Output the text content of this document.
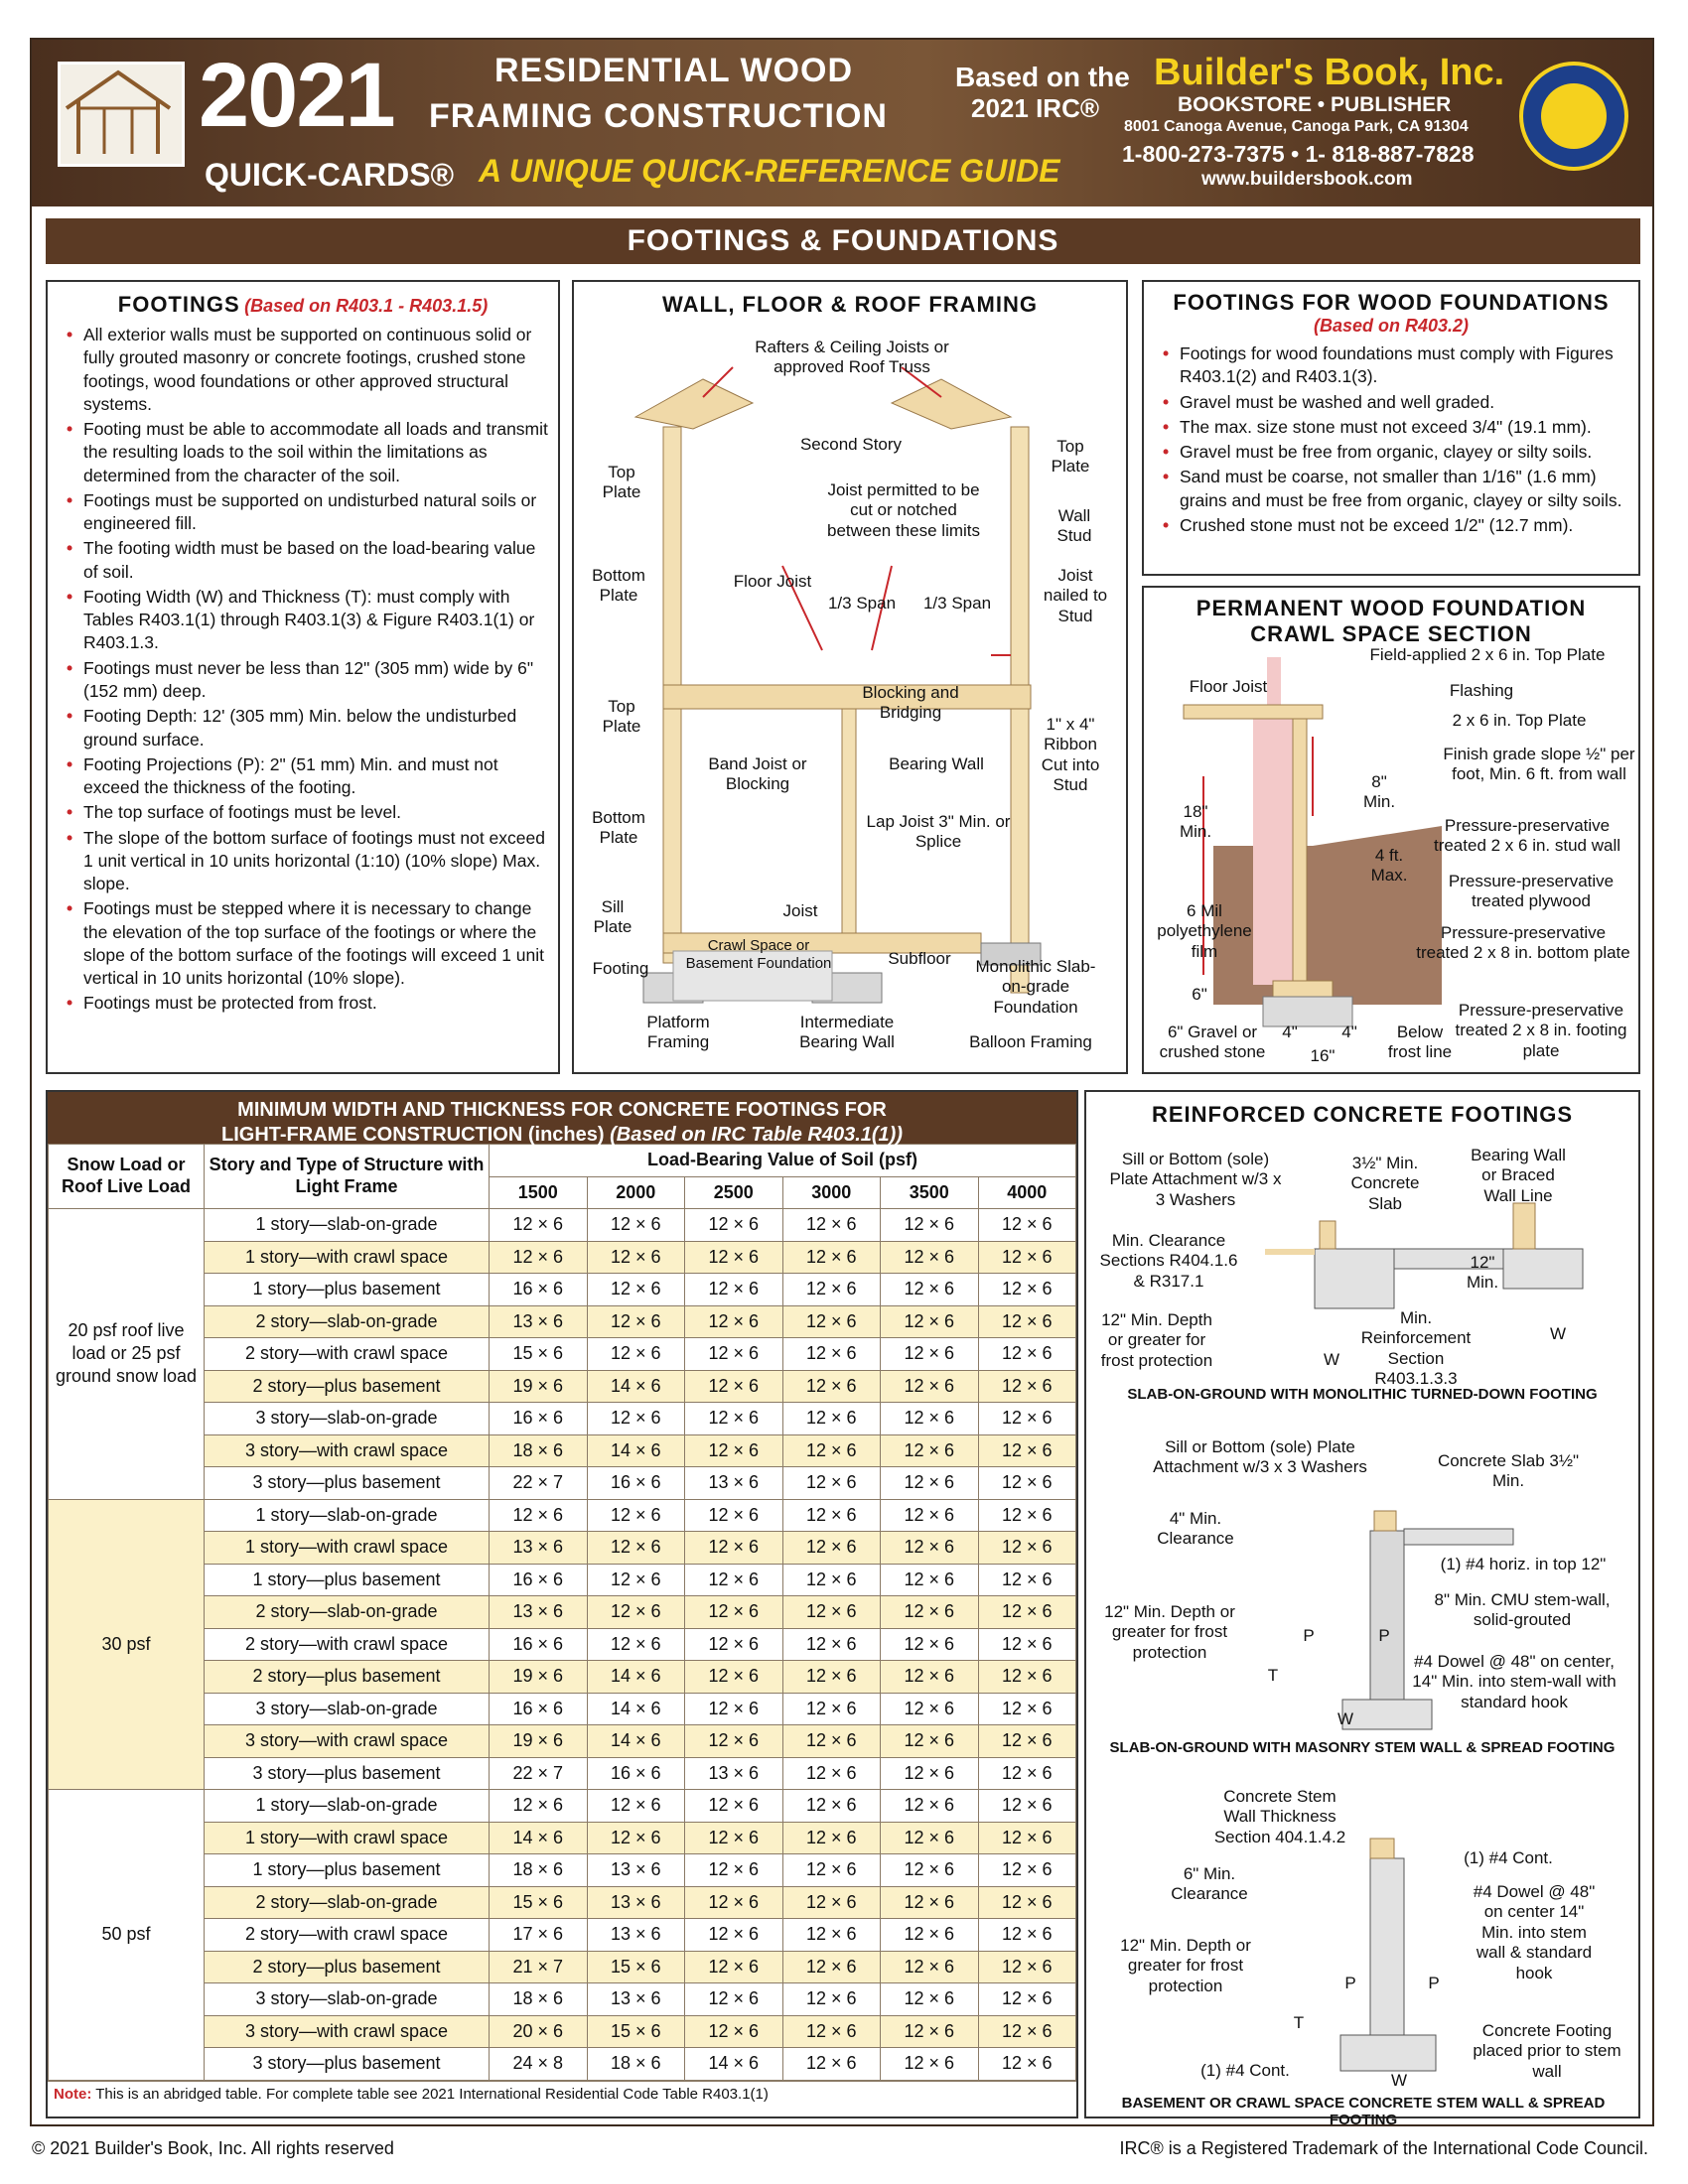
2021
QUICK-CARDS®
RESIDENTIAL WOOD
FRAMING CONSTRUCTION
A UNIQUE QUICK-REFERENCE GUIDE
Based on the
2021 IRC®
Builder's Book, Inc.
BOOKSTORE • PUBLISHER
8001 Canoga Avenue, Canoga Park, CA 91304
1-800-273-7375 • 1- 818-887-7828
www.buildersbook.com
FOOTINGS & FOUNDATIONS
FOOTINGS (Based on R403.1 - R403.1.5)
• All exterior walls must be supported on continuous solid or fully grouted masonry or concrete footings, crushed stone footings, wood foundations or other approved structural systems.
• Footing must be able to accommodate all loads and transmit the resulting loads to the soil within the limitations as determined from the character of the soil.
• Footings must be supported on undisturbed natural soils or engineered fill.
• The footing width must be based on the load-bearing value of soil.
• Footing Width (W) and Thickness (T): must comply with Tables R403.1(1) through R403.1(3) & Figure R403.1(1) or R403.1.3.
• Footings must never be less than 12" (305 mm) wide by 6" (152 mm) deep.
• Footing Depth: 12' (305 mm) Min. below the undisturbed ground surface.
• Footing Projections (P): 2" (51 mm) Min. and must not exceed the thickness of the footing.
• The top surface of footings must be level.
• The slope of the bottom surface of footings must not exceed 1 unit vertical in 10 units horizontal (1:10) (10% slope) Max. slope.
• Footings must be stepped where it is necessary to change the elevation of the top surface of the footings or where the slope of the bottom surface of the footings will exceed 1 unit vertical in 10 units horizontal (10% slope).
• Footings must be protected from frost.
WALL, FLOOR & ROOF FRAMING
Rafters & Ceiling Joists or approved Roof Truss
Top Plate
Top Plate
Second Story
Joist permitted to be cut or notched between these limits
Wall Stud
Bottom Plate
Floor Joist
1/3 Span	1/3 Span
Joist nailed to Stud
Top Plate
Blocking and Bridging
1" x 4" Ribbon Cut into Stud
Band Joist or Blocking
Bearing Wall
Bottom Plate
Lap Joist 3" Min. or Splice
Sill Plate
Joist
Footing
Crawl Space or Basement Foundation	Subfloor	Monolithic Slab-on-grade Foundation
Platform Framing
Intermediate Bearing Wall	Balloon Framing
FOOTINGS FOR WOOD FOUNDATIONS
(Based on R403.2)
• Footings for wood foundations must comply with Figures R403.1(2) and R403.1(3).
• Gravel must be washed and well graded.
• The max. size stone must not exceed 3/4" (19.1 mm).
• Gravel must be free from organic, clayey or silty soils.
• Sand must be coarse, not smaller than 1/16" (1.6 mm) grains and must be free from organic, clayey or silty soils.
• Crushed stone must not be exceed 1/2" (12.7 mm).
PERMANENT WOOD FOUNDATION
CRAWL SPACE SECTION
Field-applied 2 x 6 in. Top Plate
Floor Joist	Flashing
2 x 6 in. Top Plate
Finish grade slope ½" per foot, Min. 6 ft. from wall
8" Min.
18" Min.	Pressure-preservative treated 2 x 6 in. stud wall
4 ft. Max.	Pressure-preservative treated plywood
6 Mil polyethylene film
Pressure-preservative treated 2 x 8 in. bottom plate
6"
6" Gravel or crushed stone
4"	4"
16"
Below frost line
Pressure-preservative treated 2 x 8 in. footing plate
MINIMUM WIDTH AND THICKNESS FOR CONCRETE FOOTINGS FOR
LIGHT-FRAME CONSTRUCTION (inches) (Based on IRC Table R403.1(1))
Snow Load or Roof Live Load	Story and Type of Structure with Light Frame	Load-Bearing Value of Soil (psf)					
		1500	2000	2500	3000	3500	4000
20 psf roof live load or 25 psf ground snow load	1 story—slab-on-grade	12 × 6	12 × 6	12 × 6	12 × 6	12 × 6	12 × 6
	1 story—with crawl space	12 × 6	12 × 6	12 × 6	12 × 6	12 × 6	12 × 6
	1 story—plus basement	16 × 6	12 × 6	12 × 6	12 × 6	12 × 6	12 × 6
	2 story—slab-on-grade	13 × 6	12 × 6	12 × 6	12 × 6	12 × 6	12 × 6
	2 story—with crawl space	15 × 6	12 × 6	12 × 6	12 × 6	12 × 6	12 × 6
	2 story—plus basement	19 × 6	14 × 6	12 × 6	12 × 6	12 × 6	12 × 6
	3 story—slab-on-grade	16 × 6	12 × 6	12 × 6	12 × 6	12 × 6	12 × 6
	3 story—with crawl space	18 × 6	14 × 6	12 × 6	12 × 6	12 × 6	12 × 6
	3 story—plus basement	22 × 7	16 × 6	13 × 6	12 × 6	12 × 6	12 × 6
30 psf	1 story—slab-on-grade	12 × 6	12 × 6	12 × 6	12 × 6	12 × 6	12 × 6
	1 story—with crawl space	13 × 6	12 × 6	12 × 6	12 × 6	12 × 6	12 × 6
	1 story—plus basement	16 × 6	12 × 6	12 × 6	12 × 6	12 × 6	12 × 6
	2 story—slab-on-grade	13 × 6	12 × 6	12 × 6	12 × 6	12 × 6	12 × 6
	2 story—with crawl space	16 × 6	12 × 6	12 × 6	12 × 6	12 × 6	12 × 6
	2 story—plus basement	19 × 6	14 × 6	12 × 6	12 × 6	12 × 6	12 × 6
	3 story—slab-on-grade	16 × 6	14 × 6	12 × 6	12 × 6	12 × 6	12 × 6
	3 story—with crawl space	19 × 6	14 × 6	12 × 6	12 × 6	12 × 6	12 × 6
	3 story—plus basement	22 × 7	16 × 6	13 × 6	12 × 6	12 × 6	12 × 6
50 psf	1 story—slab-on-grade	12 × 6	12 × 6	12 × 6	12 × 6	12 × 6	12 × 6
	1 story—with crawl space	14 × 6	12 × 6	12 × 6	12 × 6	12 × 6	12 × 6
	1 story—plus basement	18 × 6	13 × 6	12 × 6	12 × 6	12 × 6	12 × 6
	2 story—slab-on-grade	15 × 6	13 × 6	12 × 6	12 × 6	12 × 6	12 × 6
	2 story—with crawl space	17 × 6	13 × 6	12 × 6	12 × 6	12 × 6	12 × 6
	2 story—plus basement	21 × 7	15 × 6	12 × 6	12 × 6	12 × 6	12 × 6
	3 story—slab-on-grade	18 × 6	13 × 6	12 × 6	12 × 6	12 × 6	12 × 6
	3 story—with crawl space	20 × 6	15 × 6	12 × 6	12 × 6	12 × 6	12 × 6
	3 story—plus basement	24 × 8	18 × 6	14 × 6	12 × 6	12 × 6	12 × 6
Note: This is an abridged table. For complete table see 2021 International Residential Code Table R403.1(1)
REINFORCED CONCRETE FOOTINGS
Sill or Bottom (sole) Plate Attachment w/3 x 3 Washers
3½" Min. Concrete Slab
Bearing Wall or Braced Wall Line
Min. Clearance Sections R404.1.6 & R317.1
12" Min.
12" Min. Depth or greater for frost protection
Min. Reinforcement Section R403.1.3.3
W
W
SLAB-ON-GROUND WITH MONOLITHIC TURNED-DOWN FOOTING
Sill or Bottom (sole) Plate Attachment w/3 x 3 Washers	Concrete Slab 3½" Min.
4" Min. Clearance
(1) #4 horiz. in top 12"
8" Min. CMU stem-wall, solid-grouted
12" Min. Depth or greater for frost protection
P	P
#4 Dowel @ 48" on center, 14" Min. into stem-wall with standard hook
T
W
SLAB-ON-GROUND WITH MASONRY STEM WALL & SPREAD FOOTING
Concrete Stem Wall Thickness Section 404.1.4.2
(1) #4 Cont.
6" Min. Clearance	#4 Dowel @ 48" on center 14" Min. into stem wall & standard hook
12" Min. Depth or greater for frost protection	P	P
T	Concrete Footing placed prior to stem wall
(1) #4 Cont.
W
BASEMENT OR CRAWL SPACE CONCRETE STEM WALL & SPREAD FOOTING
© 2021 Builder's Book, Inc. All rights reserved	IRC® is a Registered Trademark of the International Code Council.
